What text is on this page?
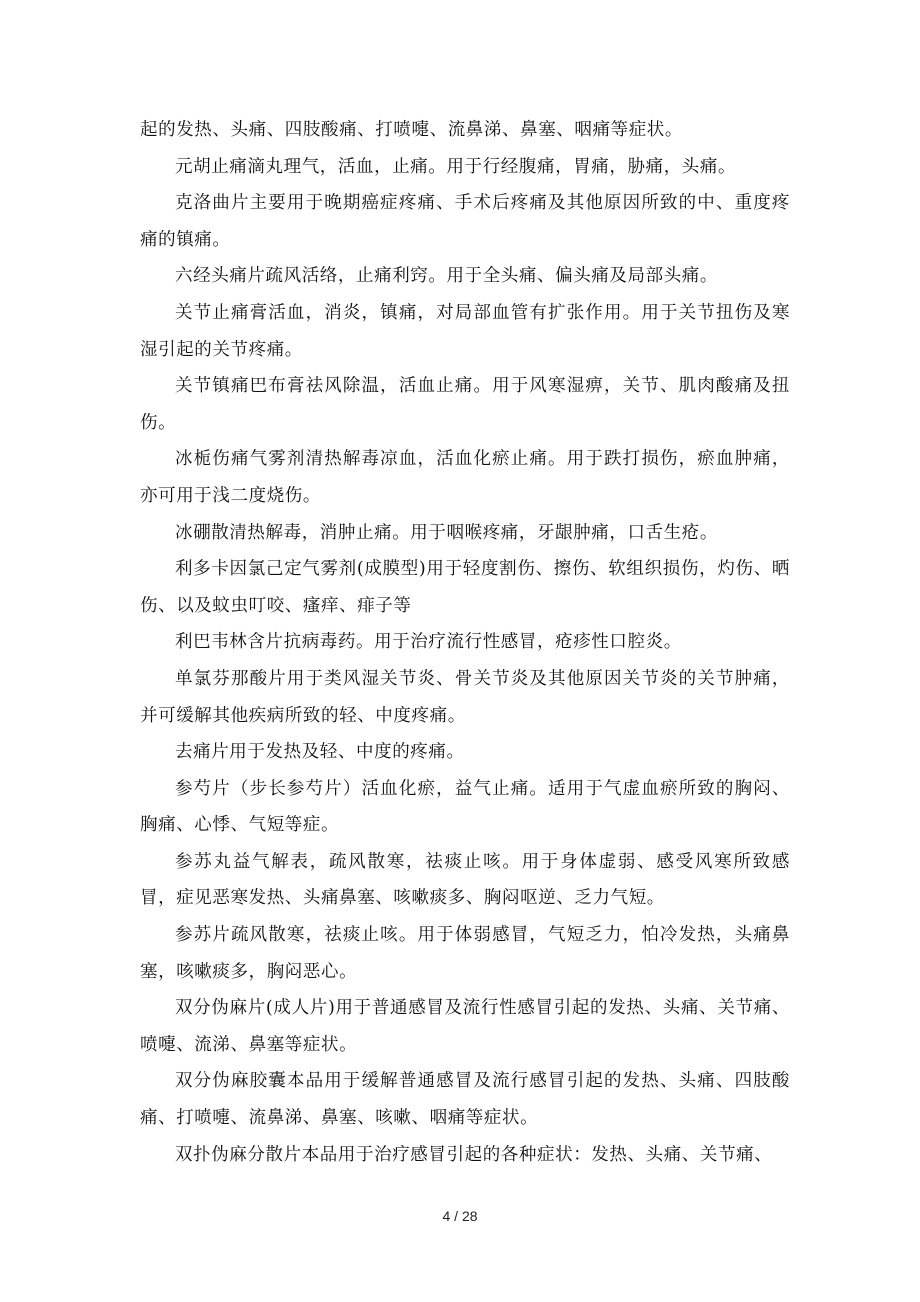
起的发热、头痛、四肢酸痛、打喷嚏、流鼻涕、鼻塞、咽痛等症状。

元胡止痛滴丸理气，活血，止痛。用于行经腹痛，胃痛，胁痛，头痛。

克洛曲片主要用于晚期癌症疼痛、手术后疼痛及其他原因所致的中、重度疼痛的镇痛。

六经头痛片疏风活络，止痛利窍。用于全头痛、偏头痛及局部头痛。

关节止痛膏活血，消炎，镇痛，对局部血管有扩张作用。用于关节扭伤及寒湿引起的关节疼痛。

关节镇痛巴布膏祛风除温，活血止痛。用于风寒湿痹，关节、肌肉酸痛及扭伤。

冰栀伤痛气雾剂清热解毒凉血，活血化瘀止痛。用于跌打损伤，瘀血肿痛，亦可用于浅二度烧伤。

冰硼散清热解毒，消肿止痛。用于咽喉疼痛，牙龈肿痛，口舌生疮。

利多卡因氯己定气雾剂(成膜型)用于轻度割伤、擦伤、软组织损伤，灼伤、晒伤、以及蚊虫叮咬、瘙痒、痱子等

利巴韦林含片抗病毒药。用于治疗流行性感冒，疮疹性口腔炎。

单氯芬那酸片用于类风湿关节炎、骨关节炎及其他原因关节炎的关节肿痛，并可缓解其他疾病所致的轻、中度疼痛。

去痛片用于发热及轻、中度的疼痛。

参芍片（步长参芍片）活血化瘀，益气止痛。适用于气虚血瘀所致的胸闷、胸痛、心悸、气短等症。

参苏丸益气解表，疏风散寒，祛痰止咳。用于身体虚弱、感受风寒所致感冒，症见恶寒发热、头痛鼻塞、咳嗽痰多、胸闷呕逆、乏力气短。

参苏片疏风散寒，祛痰止咳。用于体弱感冒，气短乏力，怕冷发热，头痛鼻塞，咳嗽痰多，胸闷恶心。

双分伪麻片(成人片)用于普通感冒及流行性感冒引起的发热、头痛、关节痛、喷嚏、流涕、鼻塞等症状。

双分伪麻胶囊本品用于缓解普通感冒及流行感冒引起的发热、头痛、四肢酸痛、打喷嚏、流鼻涕、鼻塞、咳嗽、咽痛等症状。

双扑伪麻分散片本品用于治疗感冒引起的各种症状：发热、头痛、关节痛、

4 / 28
